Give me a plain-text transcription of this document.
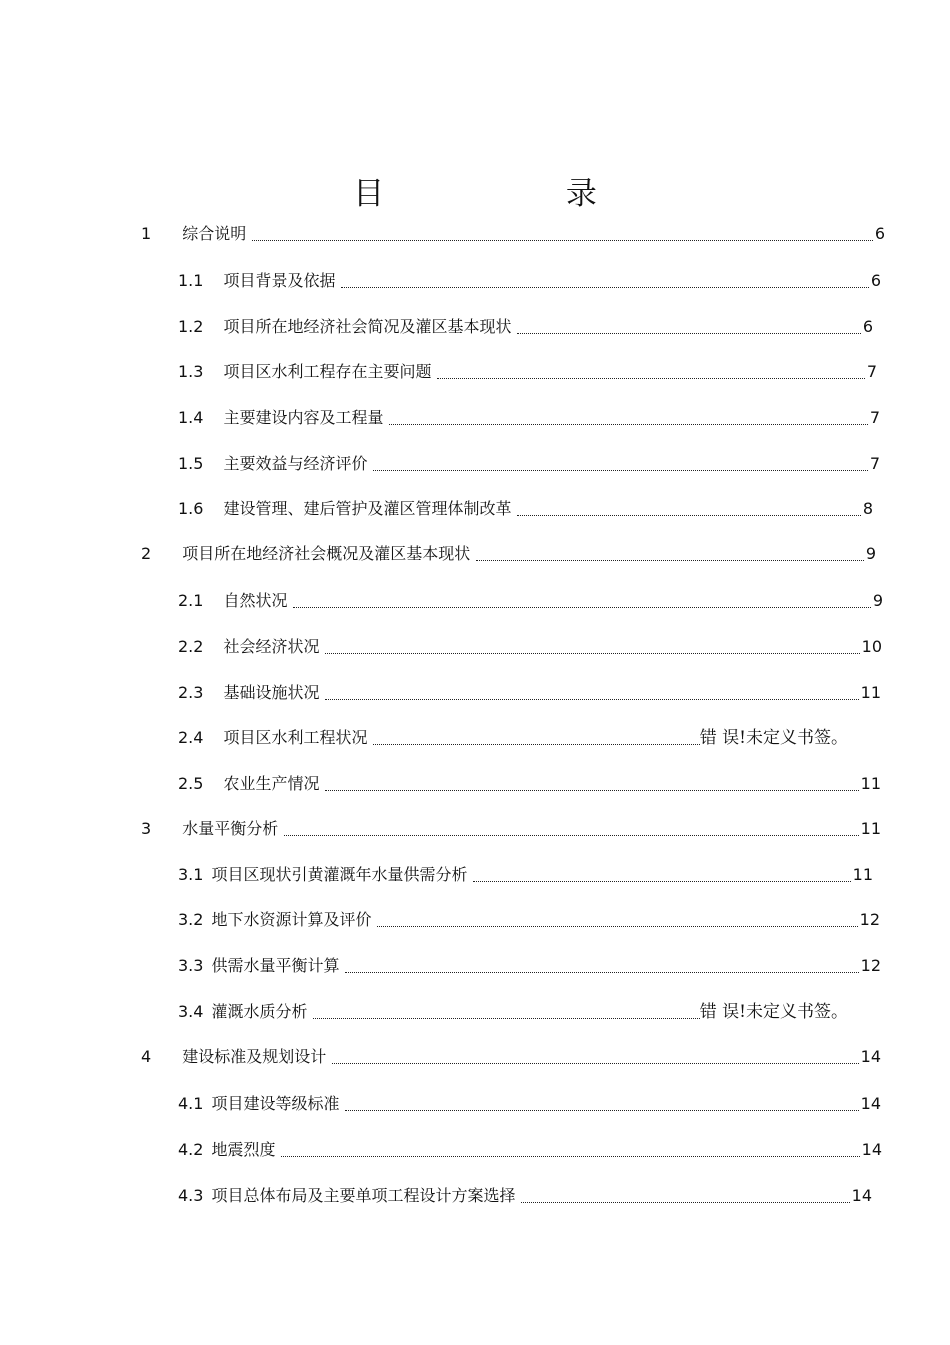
目 录
1 综合说明	6
1.1 项目背景及依据	6
1.2 项目所在地经济社会简况及灌区基本现状	6
1.3 项目区水利工程存在主要问题	7
1.4 主要建设内容及工程量	7
1.5 主要效益与经济评价	7
1.6 建设管理、建后管护及灌区管理体制改革	8
2 项目所在地经济社会概况及灌区基本现状	9
2.1 自然状况	9
2.2 社会经济状况	10
2.3 基础设施状况	11
2.4 项目区水利工程状况	错 误!未定义书签。
2.5 农业生产情况	11
3 水量平衡分析	11
3.1 项目区现状引黄灌溉年水量供需分析	11
3.2 地下水资源计算及评价	12
3.3 供需水量平衡计算	12
3.4 灌溉水质分析	错 误!未定义书签。
4 建设标准及规划设计	14
4.1 项目建设等级标准	14
4.2 地震烈度	14
4.3 项目总体布局及主要单项工程设计方案选择	14
